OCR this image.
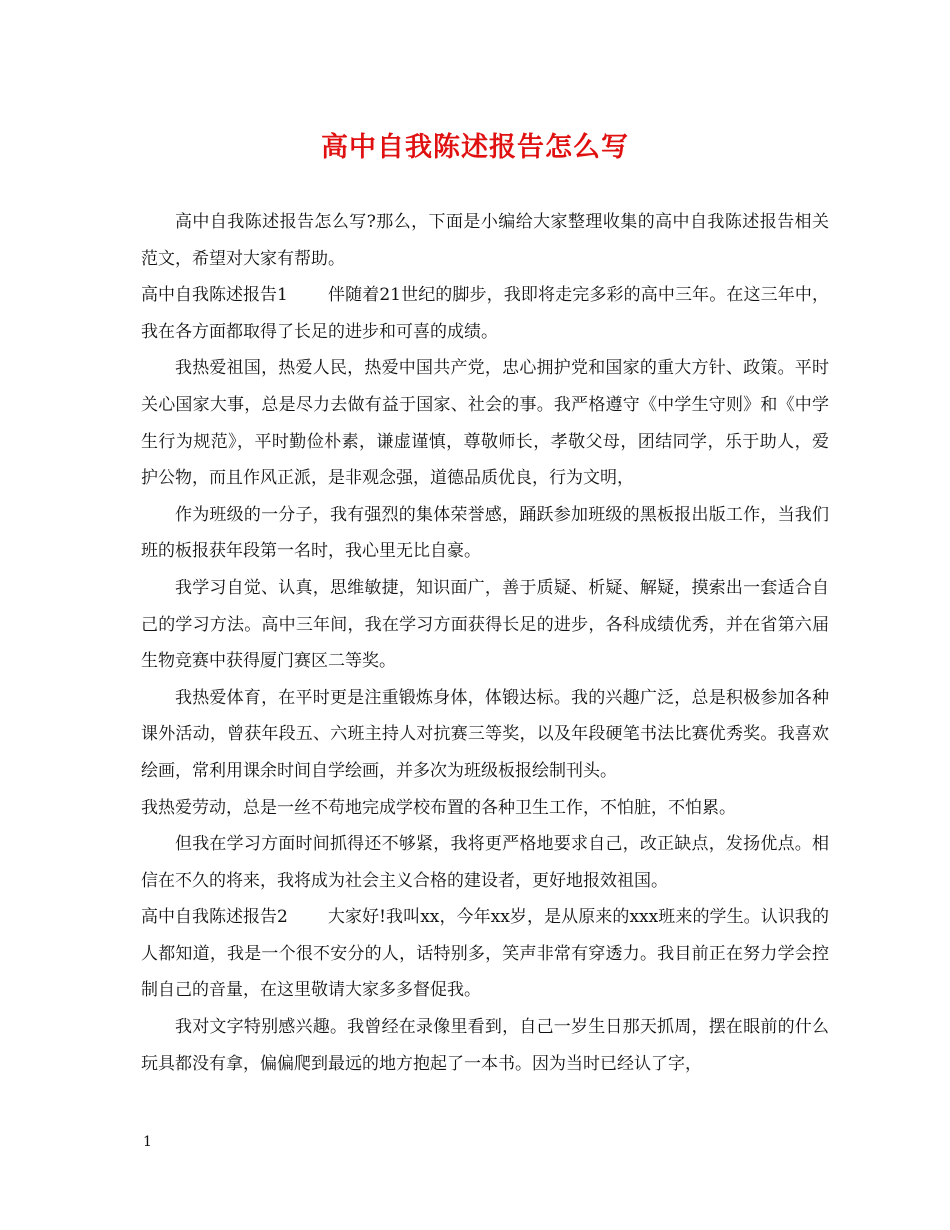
高中自我陈述报告怎么写

高中自我陈述报告怎么写?那么，下面是小编给大家整理收集的高中自我陈述报告相关范文，希望对大家有帮助。

高中自我陈述报告1 伴随着21世纪的脚步，我即将走完多彩的高中三年。在这三年中，我在各方面都取得了长足的进步和可喜的成绩。

我热爱祖国，热爱人民，热爱中国共产党，忠心拥护党和国家的重大方针、政策。平时关心国家大事，总是尽力去做有益于国家、社会的事。我严格遵守《中学生守则》和《中学生行为规范》，平时勤俭朴素，谦虚谨慎，尊敬师长，孝敬父母，团结同学，乐于助人，爱护公物，而且作风正派，是非观念强，道德品质优良，行为文明，

作为班级的一分子，我有强烈的集体荣誉感，踊跃参加班级的黑板报出版工作，当我们班的板报获年段第一名时，我心里无比自豪。

我学习自觉、认真，思维敏捷，知识面广，善于质疑、析疑、解疑，摸索出一套适合自己的学习方法。高中三年间，我在学习方面获得长足的进步，各科成绩优秀，并在省第六届生物竞赛中获得厦门赛区二等奖。

我热爱体育，在平时更是注重锻炼身体，体锻达标。我的兴趣广泛，总是积极参加各种课外活动，曾获年段五、六班主持人对抗赛三等奖，以及年段硬笔书法比赛优秀奖。我喜欢绘画，常利用课余时间自学绘画，并多次为班级板报绘制刊头。

我热爱劳动，总是一丝不苟地完成学校布置的各种卫生工作，不怕脏，不怕累。

但我在学习方面时间抓得还不够紧，我将更严格地要求自己，改正缺点，发扬优点。相信在不久的将来，我将成为社会主义合格的建设者，更好地报效祖国。

高中自我陈述报告2 大家好!我叫xx，今年xx岁，是从原来的xxx班来的学生。认识我的人都知道，我是一个很不安分的人，话特别多，笑声非常有穿透力。我目前正在努力学会控制自己的音量，在这里敬请大家多多督促我。

我对文字特别感兴趣。我曾经在录像里看到，自己一岁生日那天抓周，摆在眼前的什么玩具都没有拿，偏偏爬到最远的地方抱起了一本书。因为当时已经认了字，

1
